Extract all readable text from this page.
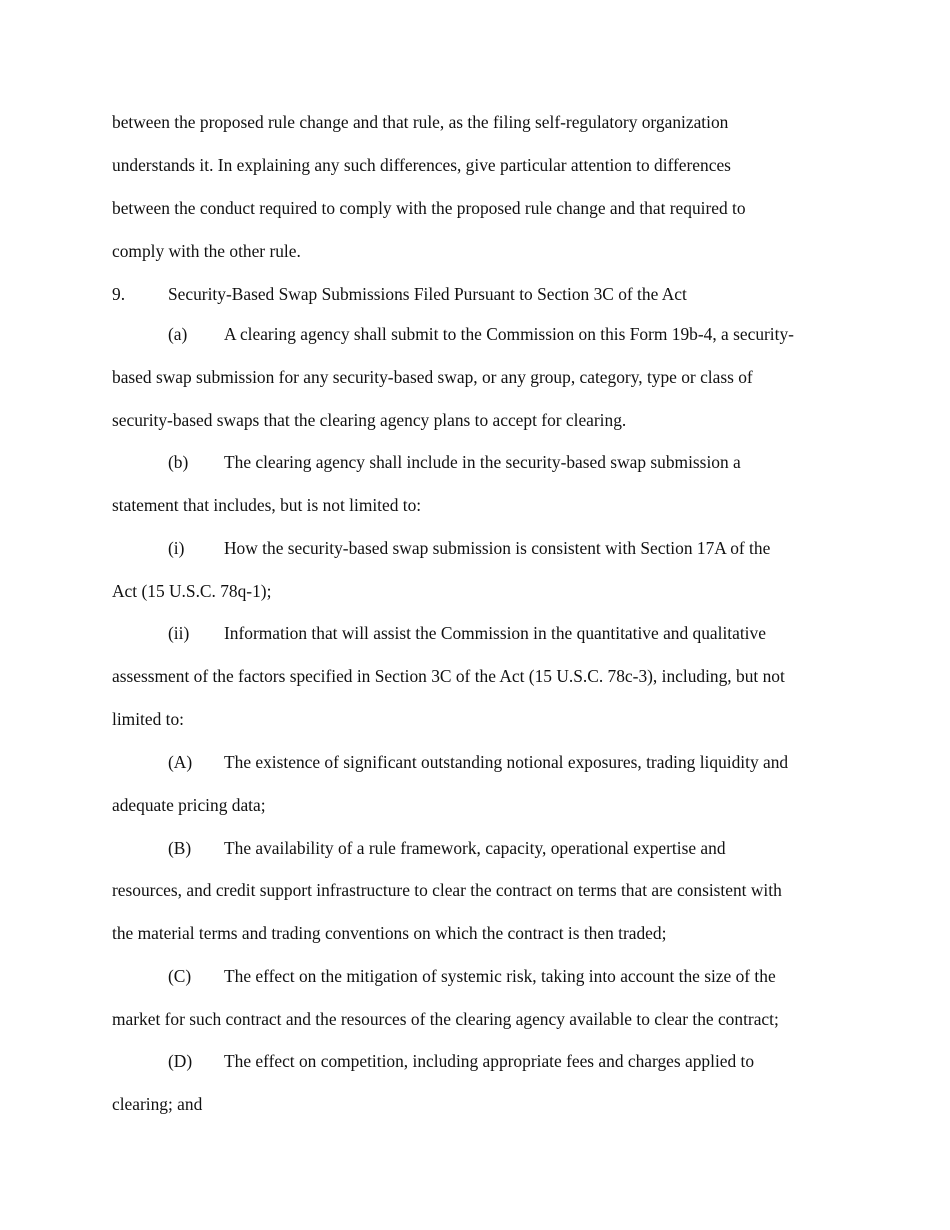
between the proposed rule change and that rule, as the filing self-regulatory organization
understands it. In explaining any such differences, give particular attention to differences
between the conduct required to comply with the proposed rule change and that required to
comply with the other rule.
9. Security-Based Swap Submissions Filed Pursuant to Section 3C of the Act
(a) A clearing agency shall submit to the Commission on this Form 19b-4, a security-
based swap submission for any security-based swap, or any group, category, type or class of
security-based swaps that the clearing agency plans to accept for clearing.
(b) The clearing agency shall include in the security-based swap submission a
statement that includes, but is not limited to:
(i) How the security-based swap submission is consistent with Section 17A of the
Act (15 U.S.C. 78q-1);
(ii) Information that will assist the Commission in the quantitative and qualitative
assessment of the factors specified in Section 3C of the Act (15 U.S.C. 78c-3), including, but not
limited to:
(A) The existence of significant outstanding notional exposures, trading liquidity and
adequate pricing data;
(B) The availability of a rule framework, capacity, operational expertise and
resources, and credit support infrastructure to clear the contract on terms that are consistent with
the material terms and trading conventions on which the contract is then traded;
(C) The effect on the mitigation of systemic risk, taking into account the size of the
market for such contract and the resources of the clearing agency available to clear the contract;
(D) The effect on competition, including appropriate fees and charges applied to
clearing; and
